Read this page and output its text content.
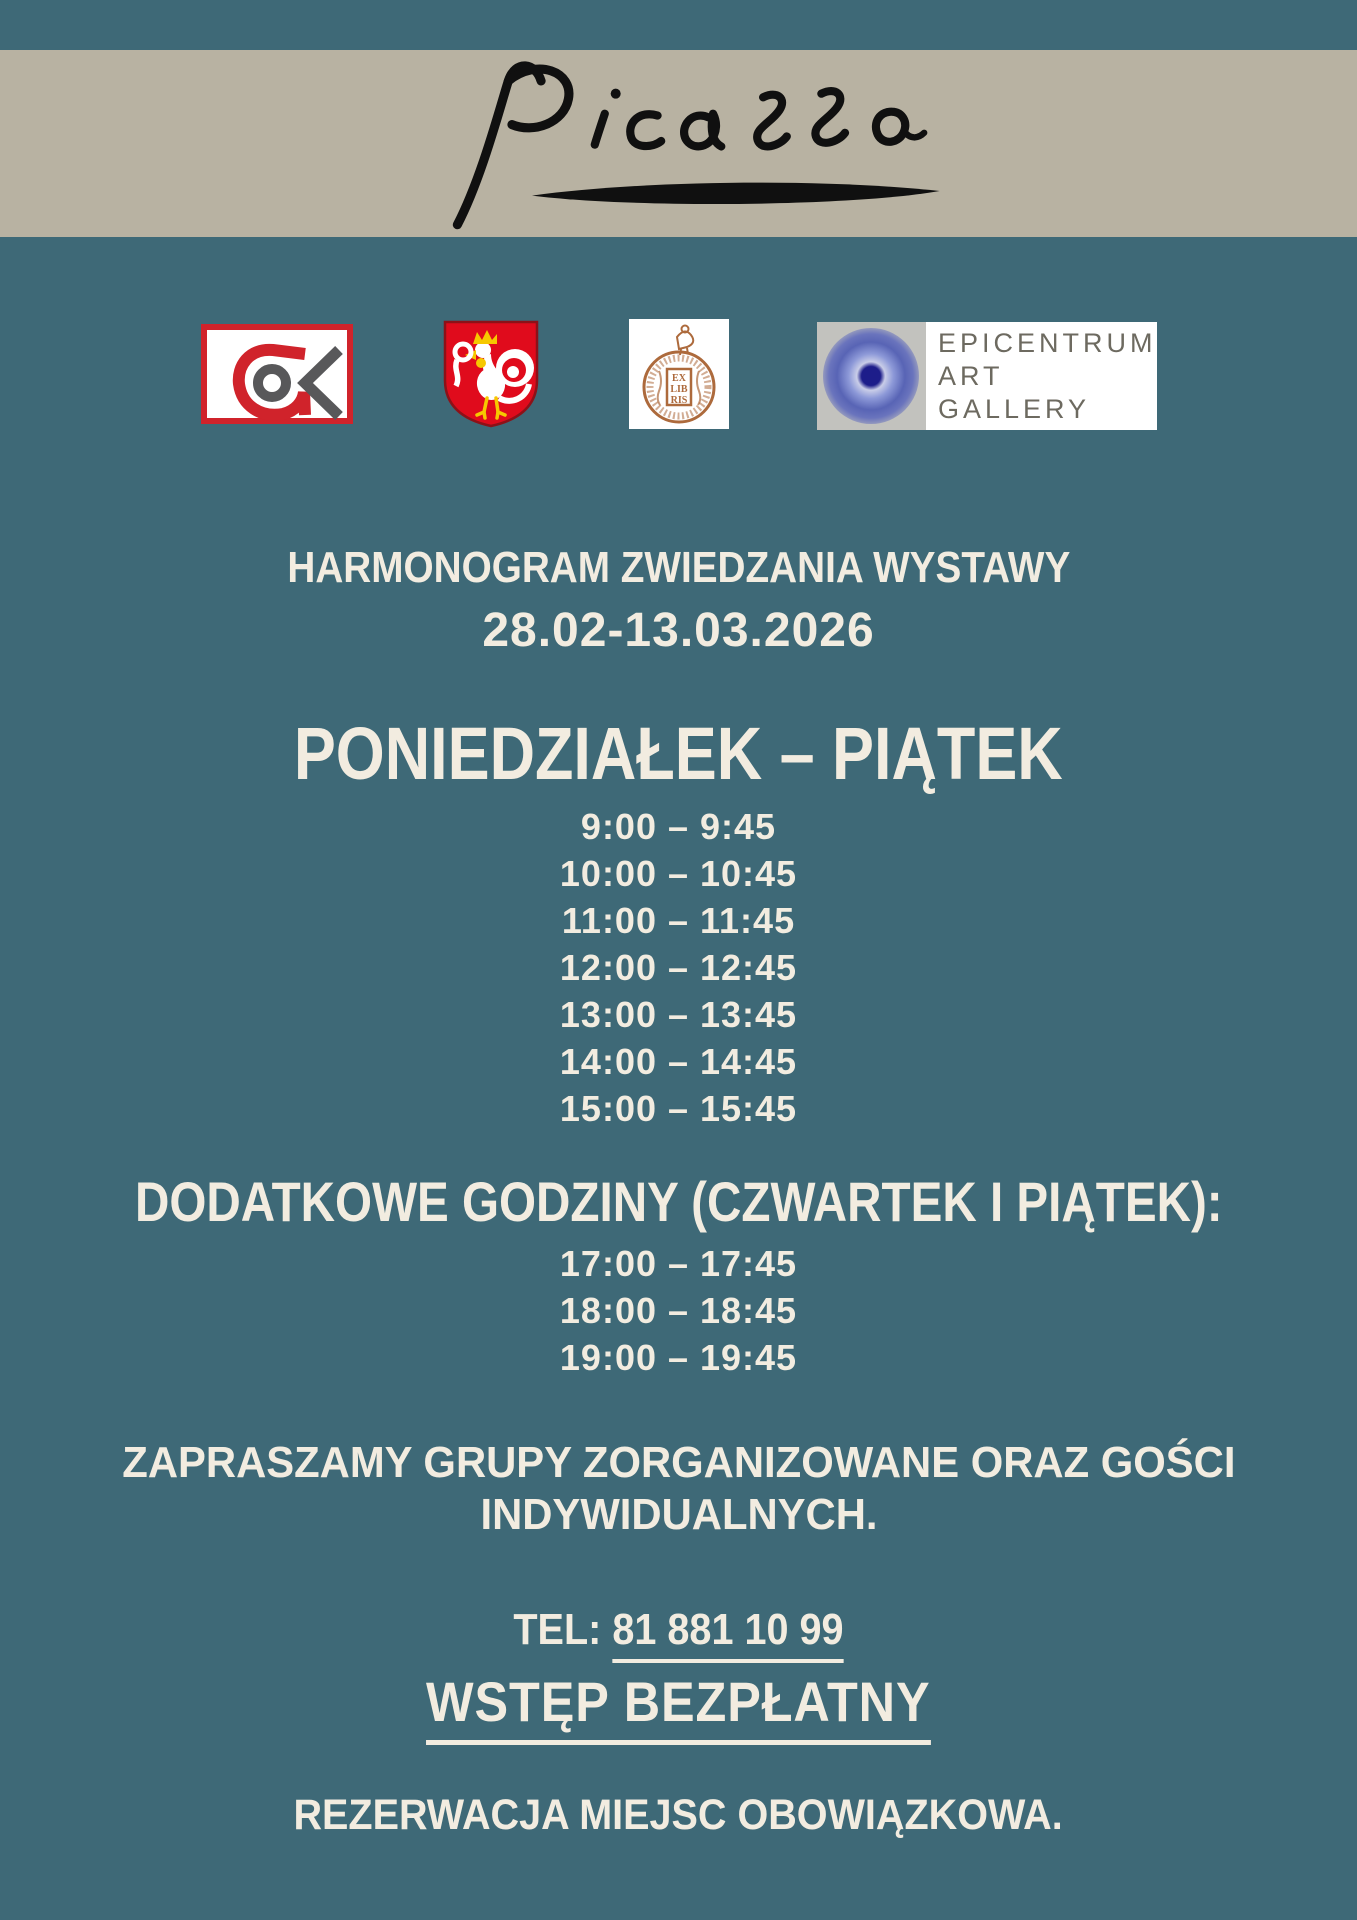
EX
LIB
RIS
EPICENTRUM
ART GALLERY
HARMONOGRAM ZWIEDZANIA WYSTAWY
28.02-13.03.2026
PONIEDZIAŁEK – PIĄTEK
9:00 – 9:45
10:00 – 10:45
11:00 – 11:45
12:00 – 12:45
13:00 – 13:45
14:00 – 14:45
15:00 – 15:45
DODATKOWE GODZINY (CZWARTEK I PIĄTEK):
17:00 – 17:45
18:00 – 18:45
19:00 – 19:45
ZAPRASZAMY GRUPY ZORGANIZOWANE ORAZ GOŚCI
INDYWIDUALNYCH.
TEL: 81 881 10 99
WSTĘP BEZPŁATNY
REZERWACJA MIEJSC OBOWIĄZKOWA.
